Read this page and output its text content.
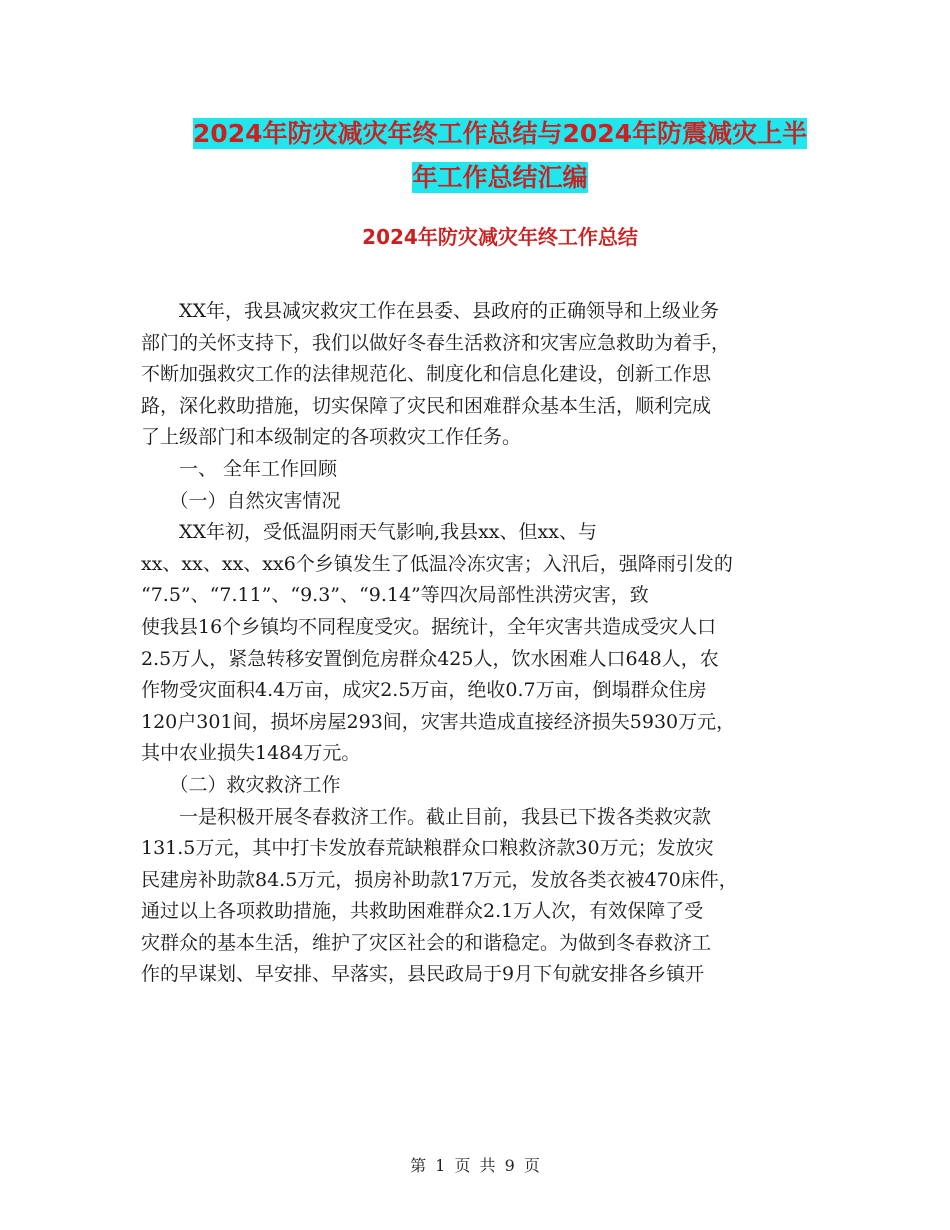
2024年防灾减灾年终工作总结与2024年防震减灾上半
年工作总结汇编
2024年防灾减灾年终工作总结
　　XX年，我县减灾救灾工作在县委、县政府的正确领导和上级业务
部门的关怀支持下，我们以做好冬春生活救济和灾害应急救助为着手，
不断加强救灾工作的法律规范化、制度化和信息化建设，创新工作思
路，深化救助措施，切实保障了灾民和困难群众基本生活，顺利完成
了上级部门和本级制定的各项救灾工作任务。
　　一、 全年工作回顾
　　（一）自然灾害情况
　　XX年初，受低温阴雨天气影响,我县xx、但xx、与
xx、xx、xx、xx6个乡镇发生了低温冷冻灾害；入汛后，强降雨引发的
“7.5”、“7.11”、“9.3”、“9.14”等四次局部性洪涝灾害，致
使我县16个乡镇均不同程度受灾。据统计，全年灾害共造成受灾人口
2.5万人，紧急转移安置倒危房群众425人，饮水困难人口648人，农
作物受灾面积4.4万亩，成灾2.5万亩，绝收0.7万亩，倒塌群众住房
120户301间，损坏房屋293间，灾害共造成直接经济损失5930万元，
其中农业损失1484万元。
　　（二）救灾救济工作
　　一是积极开展冬春救济工作。截止目前，我县已下拨各类救灾款
131.5万元，其中打卡发放春荒缺粮群众口粮救济款30万元；发放灾
民建房补助款84.5万元，损房补助款17万元，发放各类衣被470床件，
通过以上各项救助措施，共救助困难群众2.1万人次，有效保障了受
灾群众的基本生活，维护了灾区社会的和谐稳定。为做到冬春救济工
作的早谋划、早安排、早落实，县民政局于9月下旬就安排各乡镇开
第 1 页 共 9 页
